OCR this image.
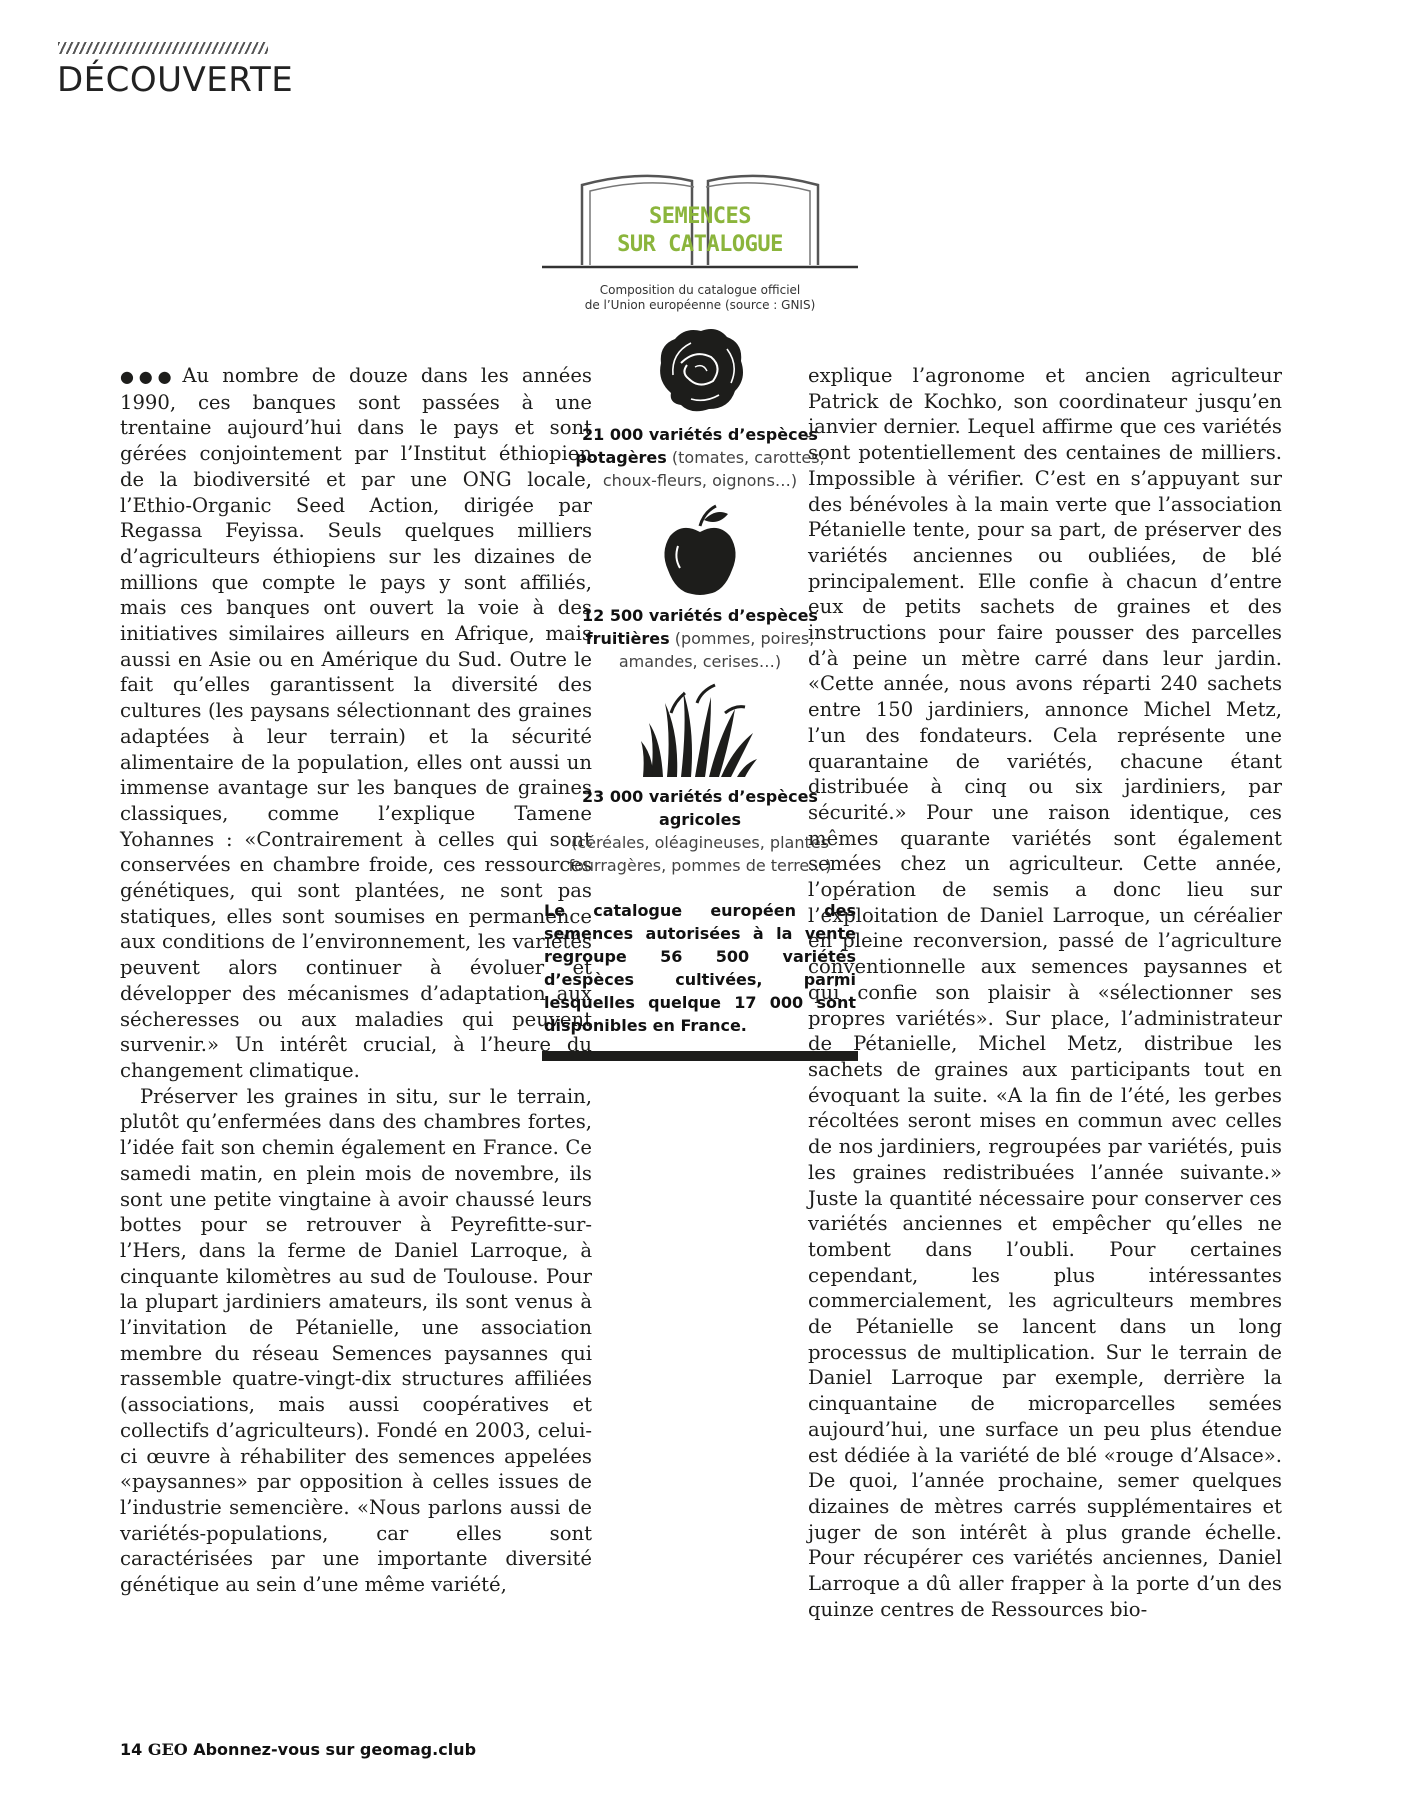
DÉCOUVERTE

●●● Au nombre de douze dans les années 1990, ces banques sont passées à une trentaine aujourd’hui dans le pays et sont gérées conjointement par l’Institut éthiopien de la biodiversité et par une ONG locale, l’Ethio-Organic Seed Action, dirigée par Regassa Feyissa. Seuls quelques milliers d’agriculteurs éthiopiens sur les dizaines de millions que compte le pays y sont affiliés, mais ces banques ont ouvert la voie à des initiatives similaires ailleurs en Afrique, mais aussi en Asie ou en Amérique du Sud. Outre le fait qu’elles garantissent la diversité des cultures (les paysans sélectionnant des graines adaptées à leur terrain) et la sécurité alimentaire de la population, elles ont aussi un immense avantage sur les banques de graines classiques, comme l’explique Tamene Yohannes : «Contrairement à celles qui sont conservées en chambre froide, ces ressources génétiques, qui sont plantées, ne sont pas statiques, elles sont soumises en permanence aux conditions de l’environnement, les variétés peuvent alors continuer à évoluer et développer des mécanismes d’adaptation aux sécheresses ou aux maladies qui peuvent survenir.» Un intérêt crucial, à l’heure du changement climatique.

Préserver les graines in situ, sur le terrain, plutôt qu’enfermées dans des chambres fortes, l’idée fait son chemin également en France. Ce samedi matin, en plein mois de novembre, ils sont une petite vingtaine à avoir chaussé leurs bottes pour se retrouver à Peyrefitte-sur-l’Hers, dans la ferme de Daniel Larroque, à cinquante kilomètres au sud de Toulouse. Pour la plupart jardiniers amateurs, ils sont venus à l’invitation de Pétanielle, une association membre du réseau Semences paysannes qui rassemble quatre-vingt-dix structures affiliées (associations, mais aussi coopératives et collectifs d’agriculteurs). Fondé en 2003, celui-ci œuvre à réhabiliter des semences appelées «paysannes» par opposition à celles issues de l’industrie semencière. «Nous parlons aussi de variétés-populations, car elles sont caractérisées par une importante diversité génétique au sein d’une même variété,

SEMENCES
SUR CATALOGUE
Composition du catalogue officiel
de l’Union européenne (source : GNIS)
21 000 variétés d’espèces
potagères (tomates, carottes,
choux-fleurs, oignons…)
12 500 variétés d’espèces
fruitières (pommes, poires,
amandes, cerises…)
23 000 variétés d’espèces agricoles
(céréales, oléagineuses, plantes
fourragères, pommes de terre…)
Le catalogue européen des semences autorisées à la vente regroupe 56 500 variétés d’espèces cultivées, parmi lesquelles quelque 17 000 sont disponibles en France.

explique l’agronome et ancien agriculteur Patrick de Kochko, son coordinateur jusqu’en janvier dernier. Lequel affirme que ces variétés sont potentiellement des centaines de milliers. Impossible à vérifier. C’est en s’appuyant sur des bénévoles à la main verte que l’association Pétanielle tente, pour sa part, de préserver des variétés anciennes ou oubliées, de blé principalement. Elle confie à chacun d’entre eux de petits sachets de graines et des instructions pour faire pousser des parcelles d’à peine un mètre carré dans leur jardin. «Cette année, nous avons réparti 240 sachets entre 150 jardiniers, annonce Michel Metz, l’un des fondateurs. Cela représente une quarantaine de variétés, chacune étant distribuée à cinq ou six jardiniers, par sécurité.» Pour une raison identique, ces mêmes quarante variétés sont également semées chez un agriculteur. Cette année, l’opération de semis a donc lieu sur l’exploitation de Daniel Larroque, un céréalier en pleine reconversion, passé de l’agriculture conventionnelle aux semences paysannes et qui confie son plaisir à «sélectionner ses propres variétés». Sur place, l’administrateur de Pétanielle, Michel Metz, distribue les sachets de graines aux participants tout en évoquant la suite. «A la fin de l’été, les gerbes récoltées seront mises en commun avec celles de nos jardiniers, regroupées par variétés, puis les graines redistribuées l’année suivante.» Juste la quantité nécessaire pour conserver ces variétés anciennes et empêcher qu’elles ne tombent dans l’oubli. Pour certaines cependant, les plus intéressantes commercialement, les agriculteurs membres de Pétanielle se lancent dans un long processus de multiplication. Sur le terrain de Daniel Larroque par exemple, derrière la cinquantaine de microparcelles semées aujourd’hui, une surface un peu plus étendue est dédiée à la variété de blé «rouge d’Alsace». De quoi, l’année prochaine, semer quelques dizaines de mètres carrés supplémentaires et juger de son intérêt à plus grande échelle. Pour récupérer ces variétés anciennes, Daniel Larroque a dû aller frapper à la porte d’un des quinze centres de Ressources bio-

14 GEO Abonnez-vous sur geomag.club
